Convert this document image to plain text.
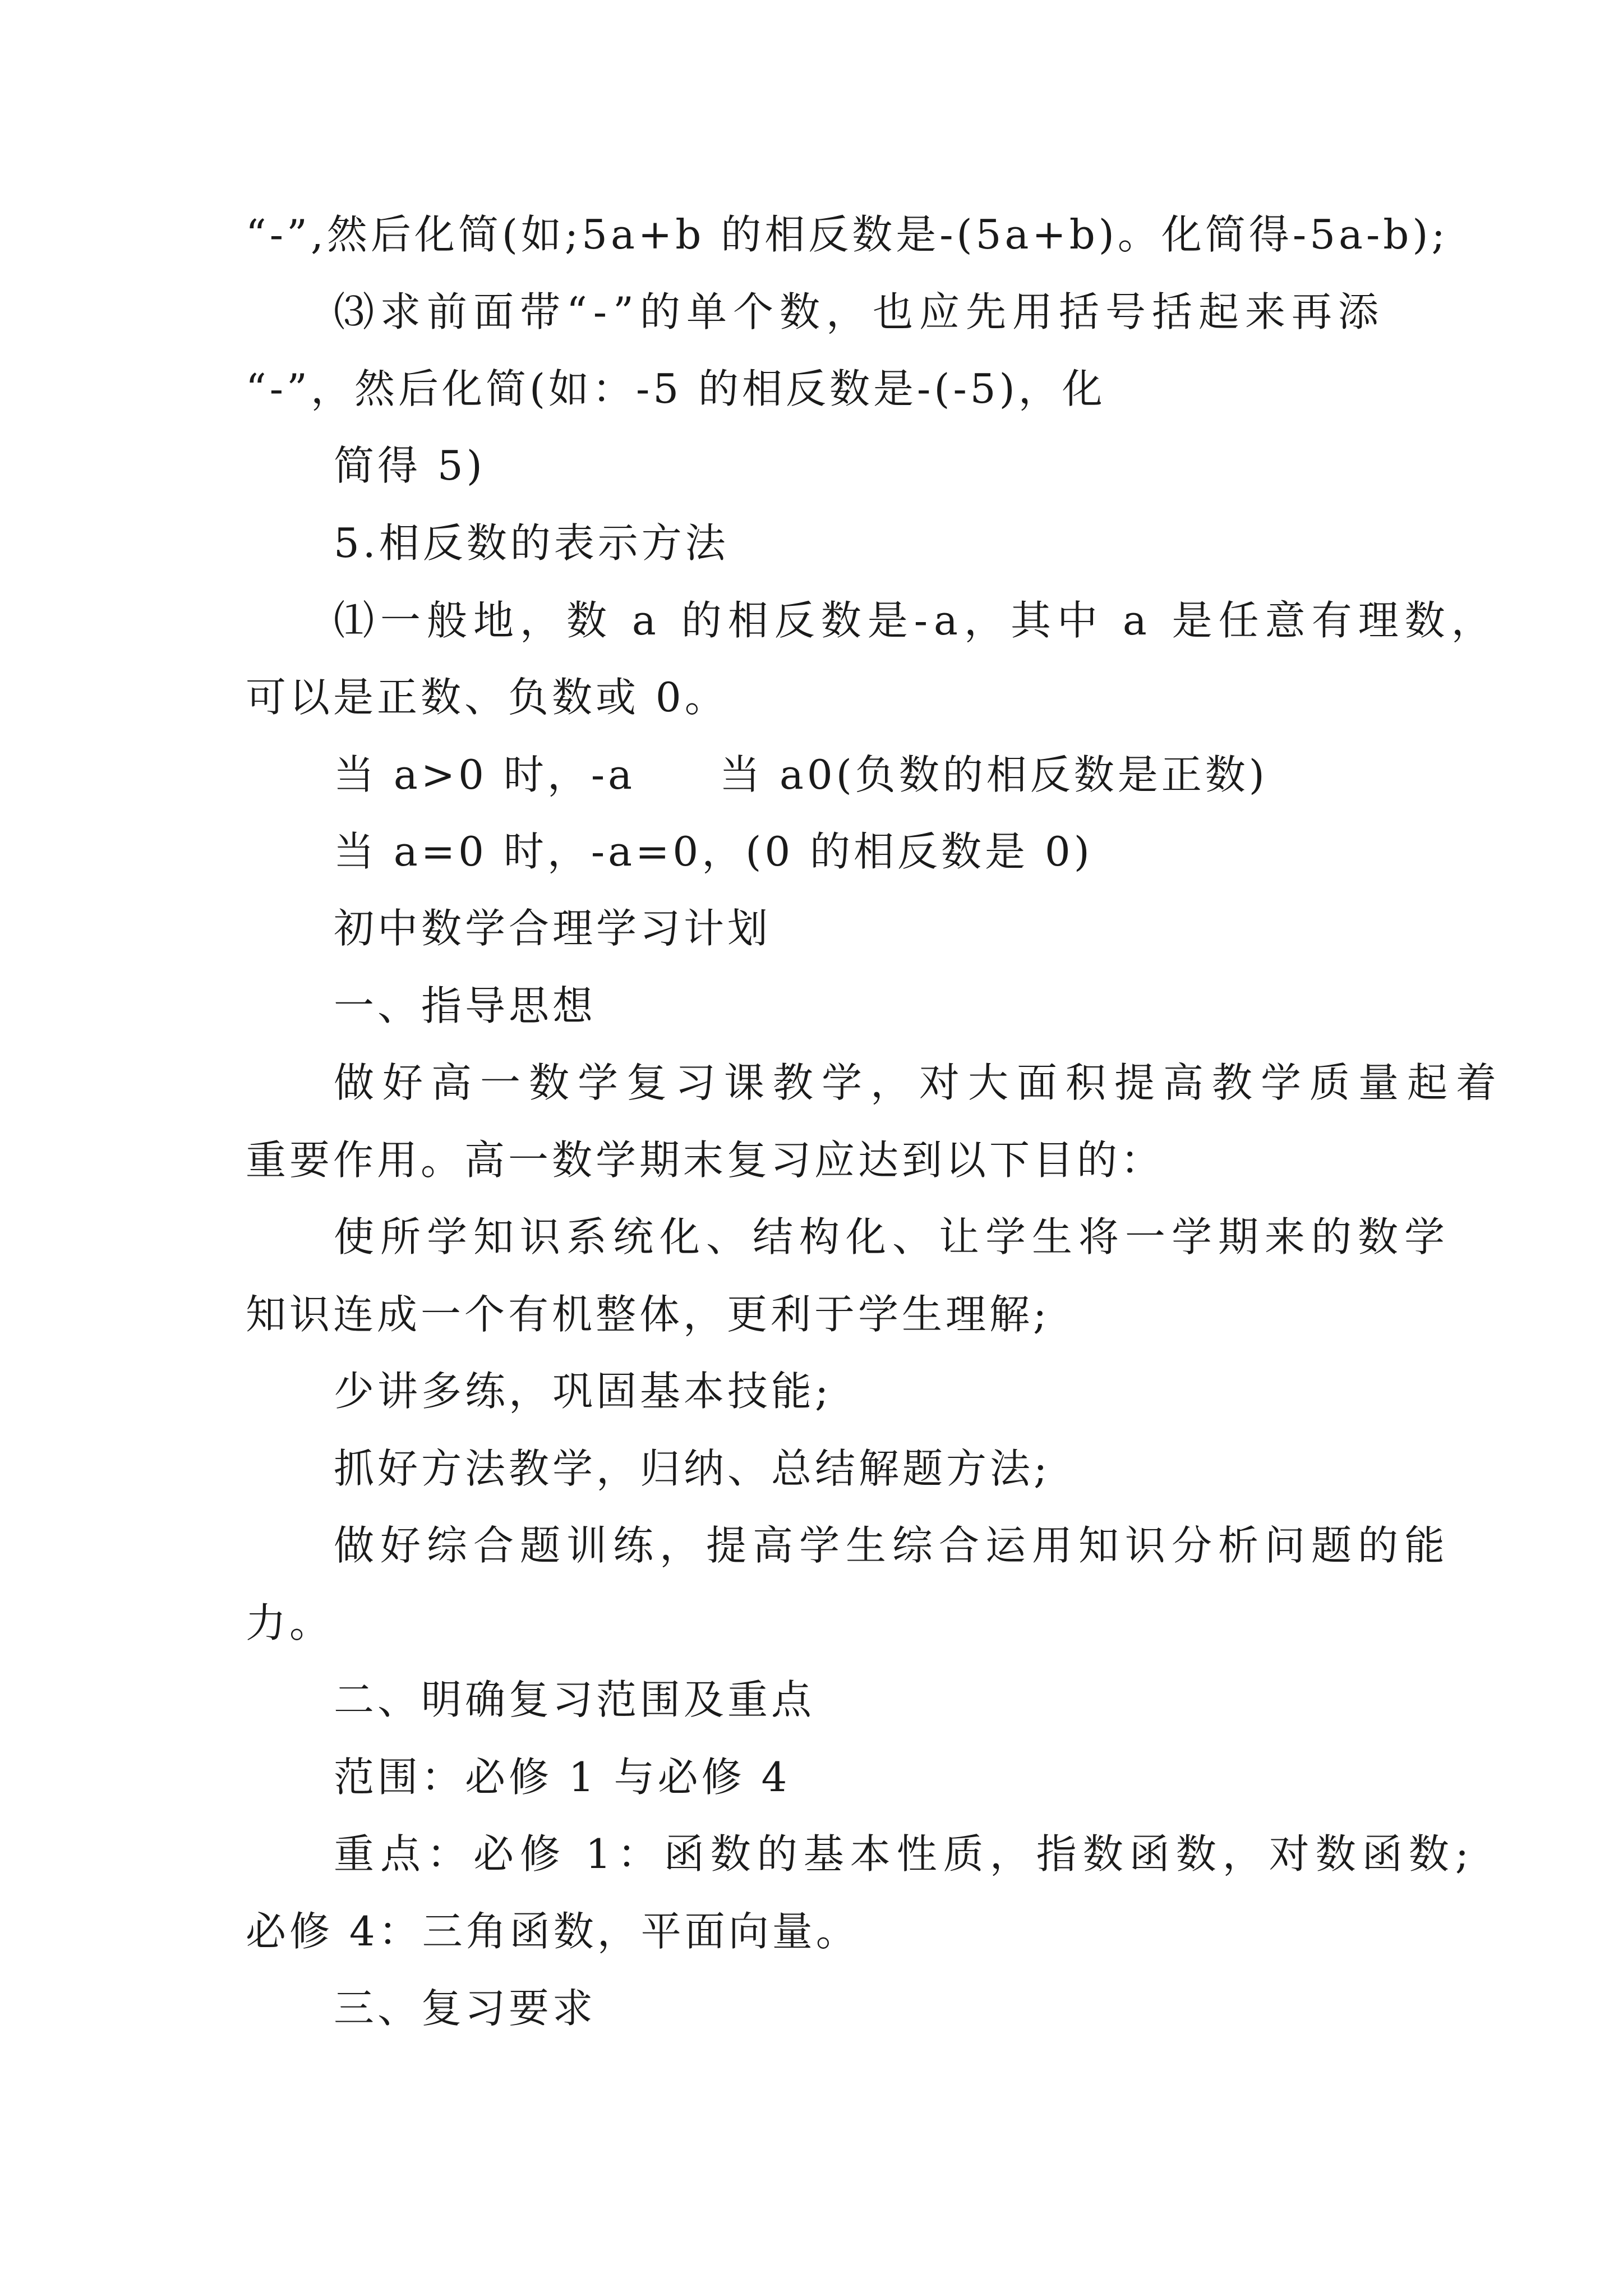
“-”,然后化简(如;5a+b 的相反数是-(5a+b)。化简得-5a-b);

⑶求前面带“-”的单个数，也应先用括号括起来再添

“-”，然后化简(如：-5 的相反数是-(-5)，化

简得 5)

5.相反数的表示方法

⑴一般地，数 a 的相反数是-a，其中 a 是任意有理数，

可以是正数、负数或 0。

当 a>0 时，-a 当 a0(负数的相反数是正数)

当 a=0 时，-a=0，(0 的相反数是 0)

初中数学合理学习计划

一、指导思想

做好高一数学复习课教学，对大面积提高教学质量起着

重要作用。高一数学期末复习应达到以下目的：

使所学知识系统化、结构化、让学生将一学期来的数学

知识连成一个有机整体，更利于学生理解;

少讲多练，巩固基本技能;

抓好方法教学，归纳、总结解题方法;

做好综合题训练，提高学生综合运用知识分析问题的能

力。

二、明确复习范围及重点

范围：必修 1 与必修 4

重点：必修 1：函数的基本性质，指数函数，对数函数;

必修 4：三角函数，平面向量。

三、复习要求
